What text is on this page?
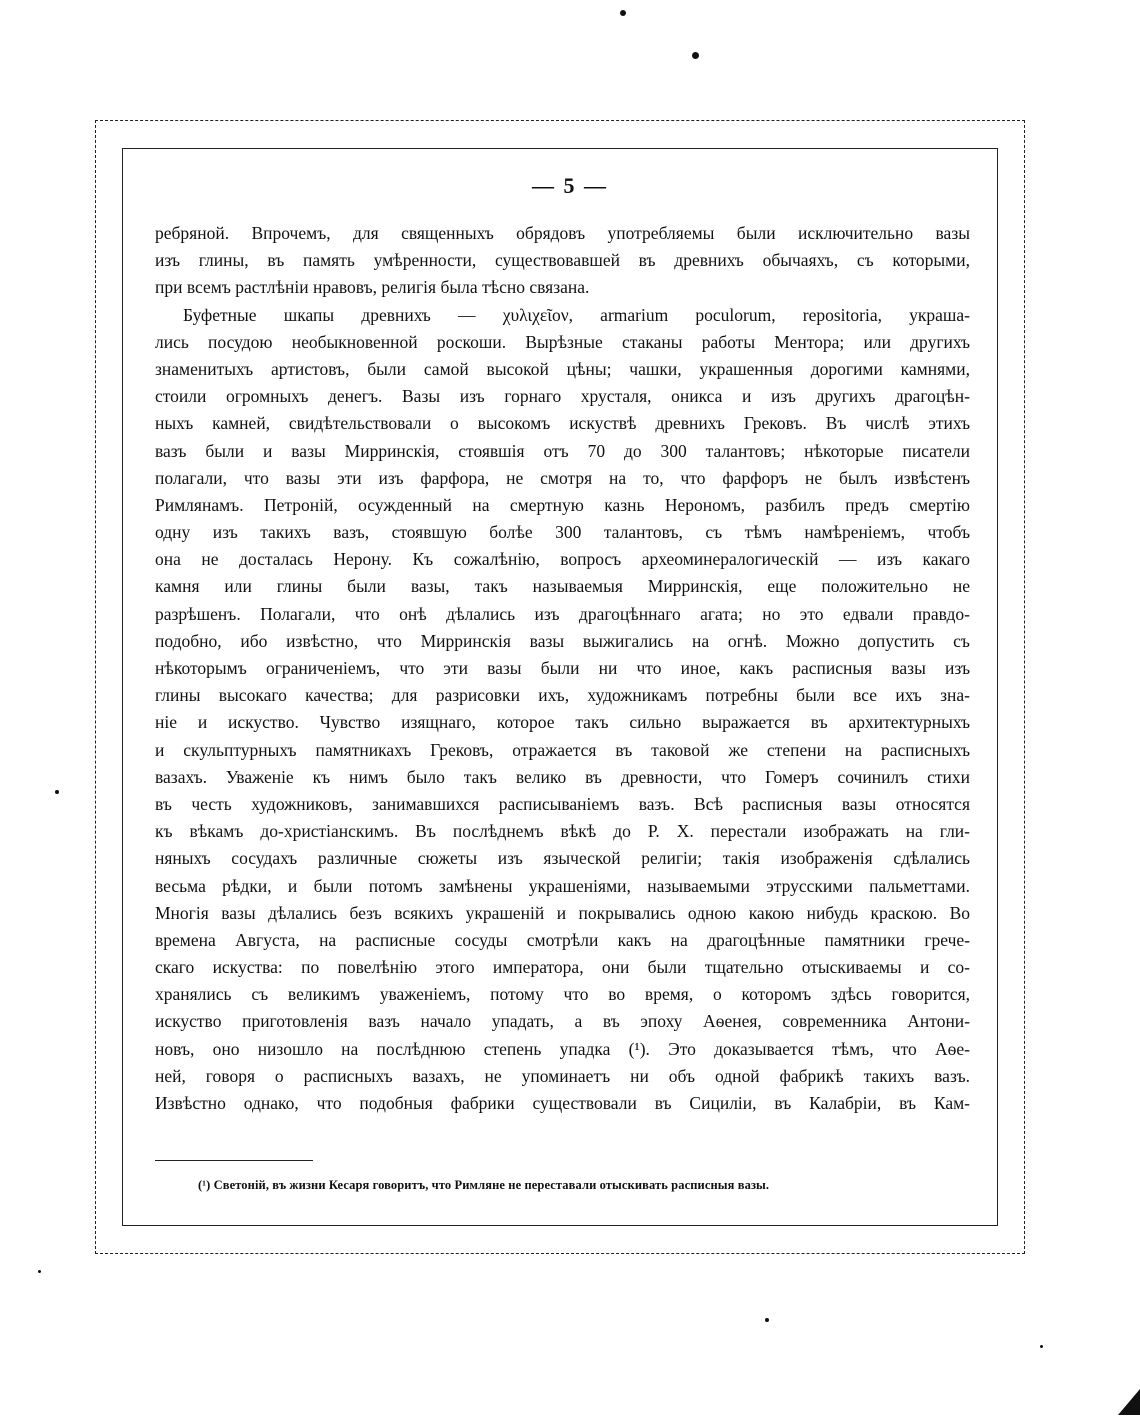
— 5 —
ребряной. Впрочемъ, для священныхъ обрядовъ употребляемы были исключительно вазы
изъ глины, въ память умѣренности, существовавшей въ древнихъ обычаяхъ, съ которыми,
при всемъ растлѣніи нравовъ, религія была тѣсно связана.
Буфетные шкапы древнихъ — χυλιχεῖον, armarium poculorum, repositoria, украша-
лись посудою необыкновенной роскоши. Вырѣзные стаканы работы Ментора; или другихъ
знаменитыхъ артистовъ, были самой высокой цѣны; чашки, украшенныя дорогими камнями,
стоили огромныхъ денегъ. Вазы изъ горнаго хрусталя, оникса и изъ другихъ драгоцѣн-
ныхъ камней, свидѣтельствовали о высокомъ искуствѣ древнихъ Грековъ. Въ числѣ этихъ
вазъ были и вазы Мирринскія, стоявшія отъ 70 до 300 талантовъ; нѣкоторые писатели
полагали, что вазы эти изъ фарфора, не смотря на то, что фарфоръ не былъ извѣстенъ
Римлянамъ. Петроній, осужденный на смертную казнь Нерономъ, разбилъ предъ смертію
одну изъ такихъ вазъ, стоявшую болѣе 300 талантовъ, съ тѣмъ намѣреніемъ, чтобъ
она не досталась Нерону. Къ сожалѣнію, вопросъ археоминералогическій — изъ какаго
камня или глины были вазы, такъ называемыя Мирринскія, еще положительно не
разрѣшенъ. Полагали, что онѣ дѣлались изъ драгоцѣннаго агата; но это едвали правдо-
подобно, ибо извѣстно, что Мирринскія вазы выжигались на огнѣ. Можно допустить съ
нѣкоторымъ ограниченіемъ, что эти вазы были ни что иное, какъ расписныя вазы изъ
глины высокаго качества; для разрисовки ихъ, художникамъ потребны были все ихъ зна-
ніе и искуство. Чувство изящнаго, которое такъ сильно выражается въ архитектурныхъ
и скульптурныхъ памятникахъ Грековъ, отражается въ таковой же степени на расписныхъ
вазахъ. Уваженіе къ нимъ было такъ велико въ древности, что Гомеръ сочинилъ стихи
въ честь художниковъ, занимавшихся расписываніемъ вазъ. Всѣ расписныя вазы относятся
къ вѣкамъ до-христіанскимъ. Въ послѣднемъ вѣкѣ до Р. Х. перестали изображать на гли-
няныхъ сосудахъ различные сюжеты изъ языческой религіи; такія изображенія сдѣлались
весьма рѣдки, и были потомъ замѣнены украшеніями, называемыми этрусскими пальметтами.
Многія вазы дѣлались безъ всякихъ украшеній и покрывались одною какою нибудь краскою. Во
времена Августа, на расписные сосуды смотрѣли какъ на драгоцѣнные памятники грече-
скаго искуства: по повелѣнію этого императора, они были тщательно отыскиваемы и со-
хранялись съ великимъ уваженіемъ, потому что во время, о которомъ здѣсь говорится,
искуство приготовленія вазъ начало упадать, а въ эпоху Аѳенея, современника Антони-
новъ, оно низошло на послѣднюю степень упадка (¹). Это доказывается тѣмъ, что Аѳе-
ней, говоря о расписныхъ вазахъ, не упоминаетъ ни объ одной фабрикѣ такихъ вазъ.
Извѣстно однако, что подобныя фабрики существовали въ Сициліи, въ Калабріи, въ Кам-
(¹) Светоній, въ жизни Кесаря говоритъ, что Римляне не переставали отыскивать расписныя вазы.
